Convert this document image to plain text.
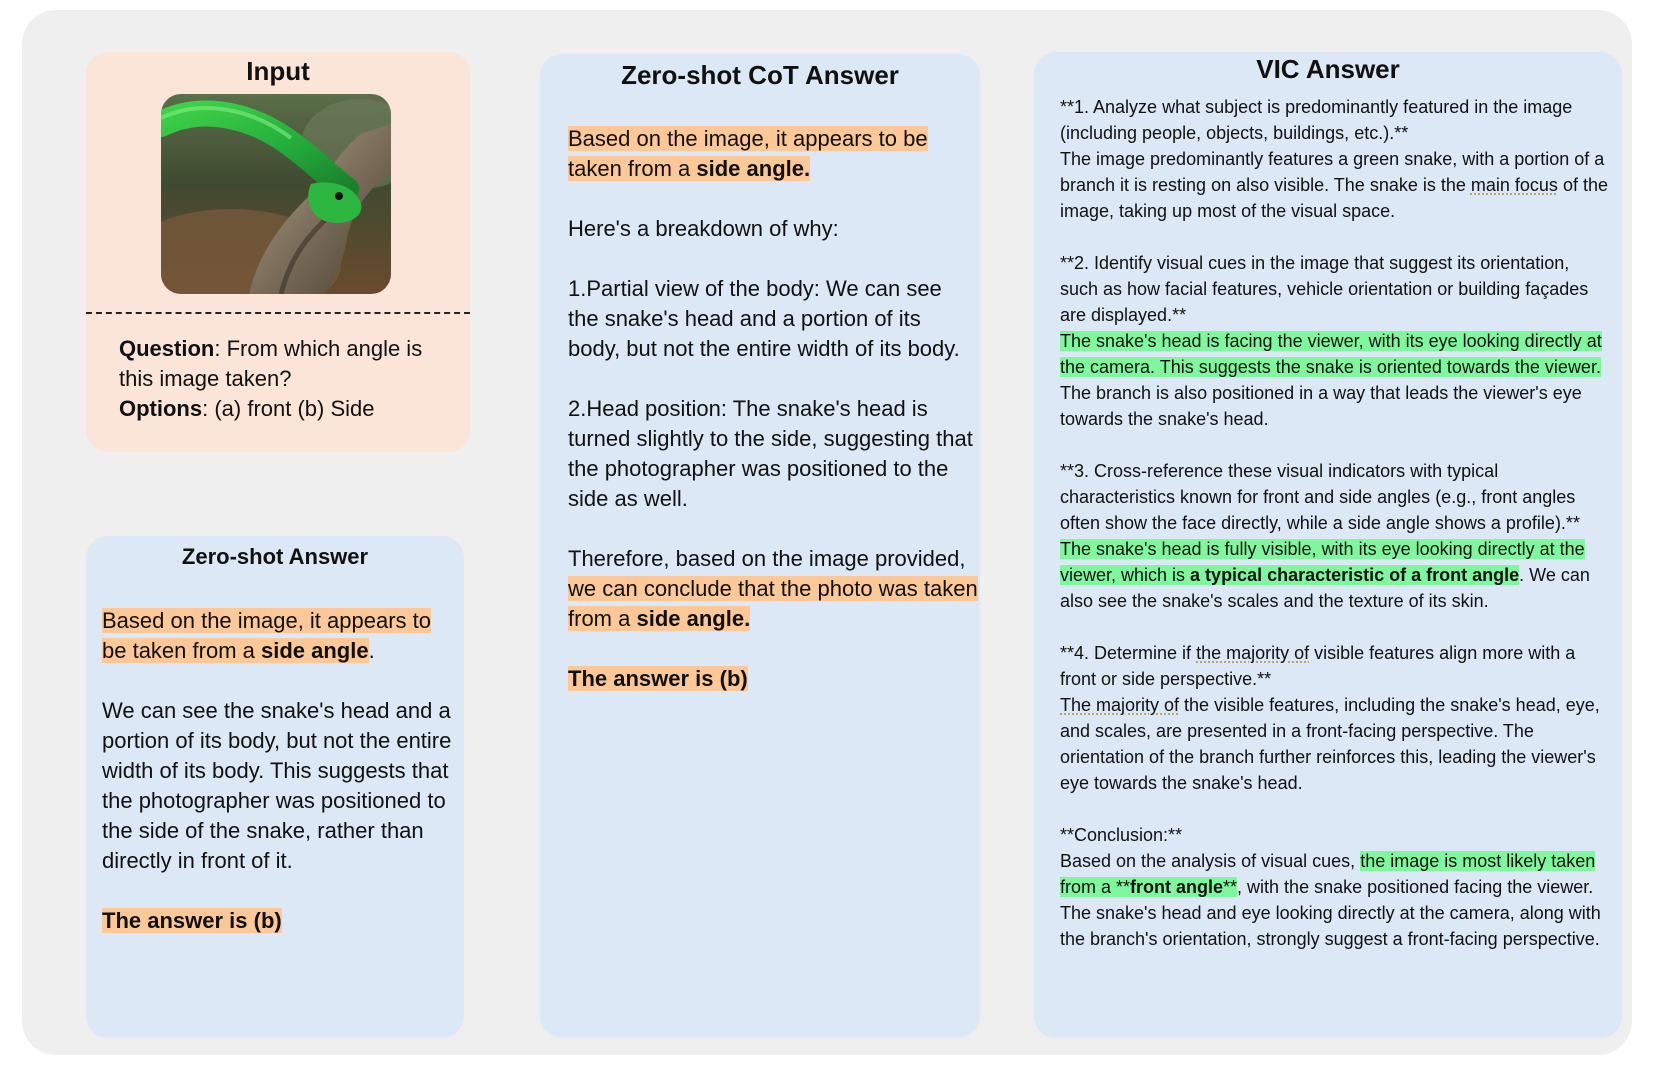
Input

Question: From which angle is this image taken?

Options: (a) front (b) Side

Zero-shot Answer

Based on the image, it appears to be taken from a side angle.

We can see the snake's head and a portion of its body, but not the entire width of its body. This suggests that the photographer was positioned to the side of the snake, rather than directly in front of it.

The answer is (b)

Zero-shot CoT Answer

Based on the image, it appears to be taken from a side angle.

Here's a breakdown of why:

1.Partial view of the body: We can see the snake's head and a portion of its body, but not the entire width of its body.

2.Head position: The snake's head is turned slightly to the side, suggesting that the photographer was positioned to the side as well.

Therefore, based on the image provided, we can conclude that the photo was taken from a side angle.

The answer is (b)

VIC Answer

**1. Analyze what subject is predominantly featured in the image (including people, objects, buildings, etc.).**

The image predominantly features a green snake, with a portion of a branch it is resting on also visible. The snake is the main focus of the image, taking up most of the visual space.

**2. Identify visual cues in the image that suggest its orientation, such as how facial features, vehicle orientation or building façades are displayed.**

The snake's head is facing the viewer, with its eye looking directly at the camera. This suggests the snake is oriented towards the viewer. The branch is also positioned in a way that leads the viewer's eye towards the snake's head.

**3. Cross-reference these visual indicators with typical characteristics known for front and side angles (e.g., front angles often show the face directly, while a side angle shows a profile).**

The snake's head is fully visible, with its eye looking directly at the viewer, which is a typical characteristic of a front angle. We can also see the snake's scales and the texture of its skin.

**4. Determine if the majority of visible features align more with a front or side perspective.**

The majority of the visible features, including the snake's head, eye, and scales, are presented in a front-facing perspective. The orientation of the branch further reinforces this, leading the viewer's eye towards the snake's head.

**Conclusion:**

Based on the analysis of visual cues, the image is most likely taken from a **front angle**, with the snake positioned facing the viewer. The snake's head and eye looking directly at the camera, along with the branch's orientation, strongly suggest a front-facing perspective.
